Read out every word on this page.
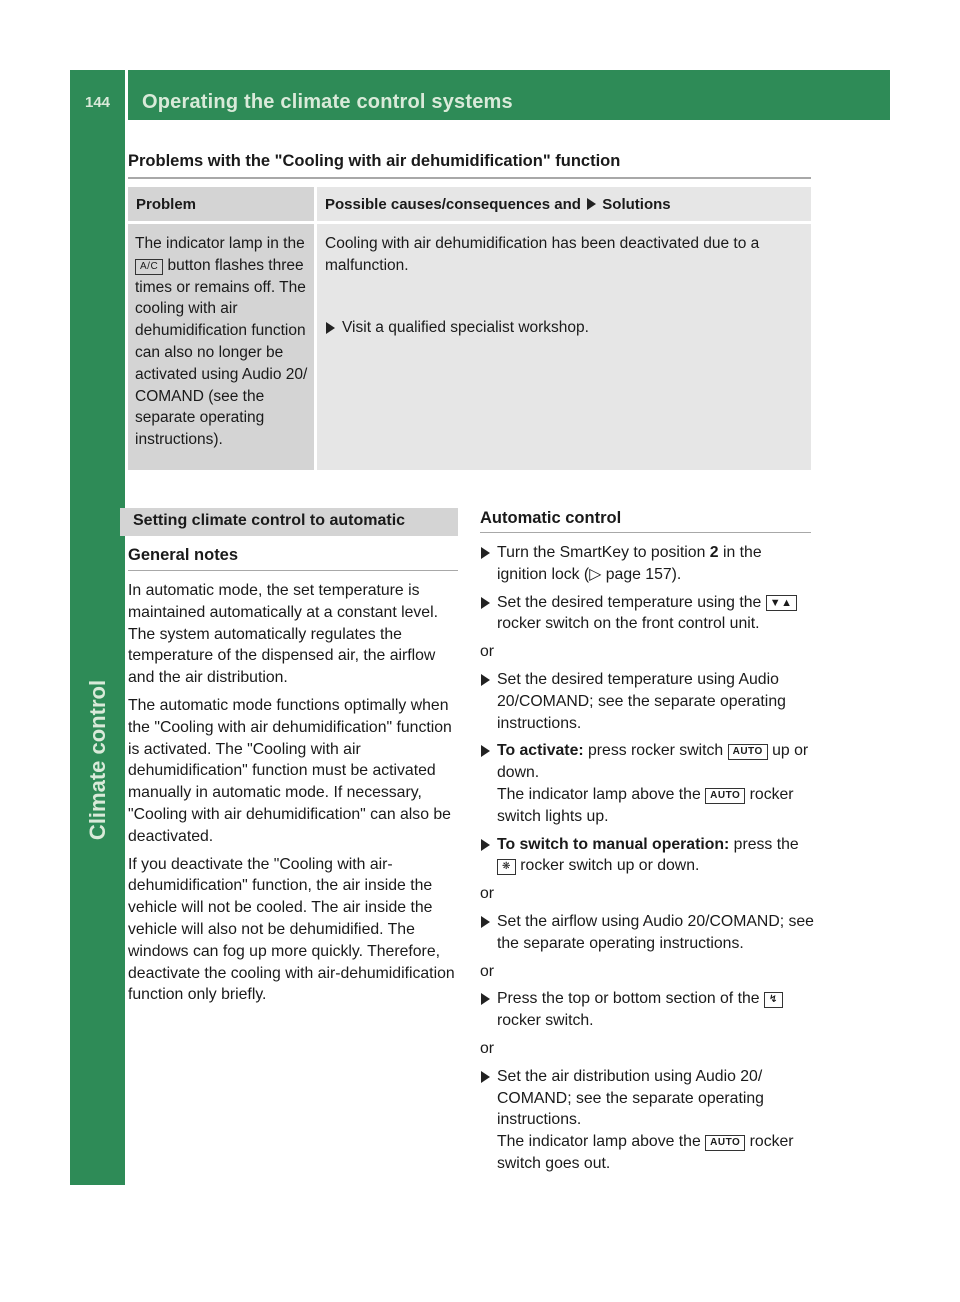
144	Operating the climate control systems
Climate control
Problems with the "Cooling with air dehumidification" function
Problem	Possible causes/consequences and Solutions

The indicator lamp in the A/C button flashes three times or remains off. The cooling with air dehumidification function can also no longer be activated using Audio 20/ COMAND (see the separate operating instructions).

Cooling with air dehumidification has been deactivated due to a malfunction.

Visit a qualified specialist workshop.

Setting climate control to automatic
General notes

In automatic mode, the set temperature is maintained automatically at a constant level. The system automatically regulates the temperature of the dispensed air, the airflow and the air distribution.

The automatic mode functions optimally when the "Cooling with air dehumidification" function is activated. The "Cooling with air dehumidification" function must be activated manually in automatic mode. If necessary, "Cooling with air dehumidification" can also be deactivated.

If you deactivate the "Cooling with air-dehumidification" function, the air inside the vehicle will not be cooled. The air inside the vehicle will also not be dehumidified. The windows can fog up more quickly. Therefore, deactivate the cooling with air-dehumidification function only briefly.

Automatic control
Turn the SmartKey to position 2 in the ignition lock (▷ page 157).
Set the desired temperature using the ▼▲ rocker switch on the front control unit.
or
Set the desired temperature using Audio 20/COMAND; see the separate operating instructions.
To activate: press rocker switch AUTO up or down.
The indicator lamp above the AUTO rocker switch lights up.
To switch to manual operation: press the
❋ rocker switch up or down.
or
Set the airflow using Audio 20/COMAND; see the separate operating instructions.
or
Press the top or bottom section of the ↯
rocker switch.
or
Set the air distribution using Audio 20/ COMAND; see the separate operating instructions.
The indicator lamp above the AUTO rocker switch goes out.
